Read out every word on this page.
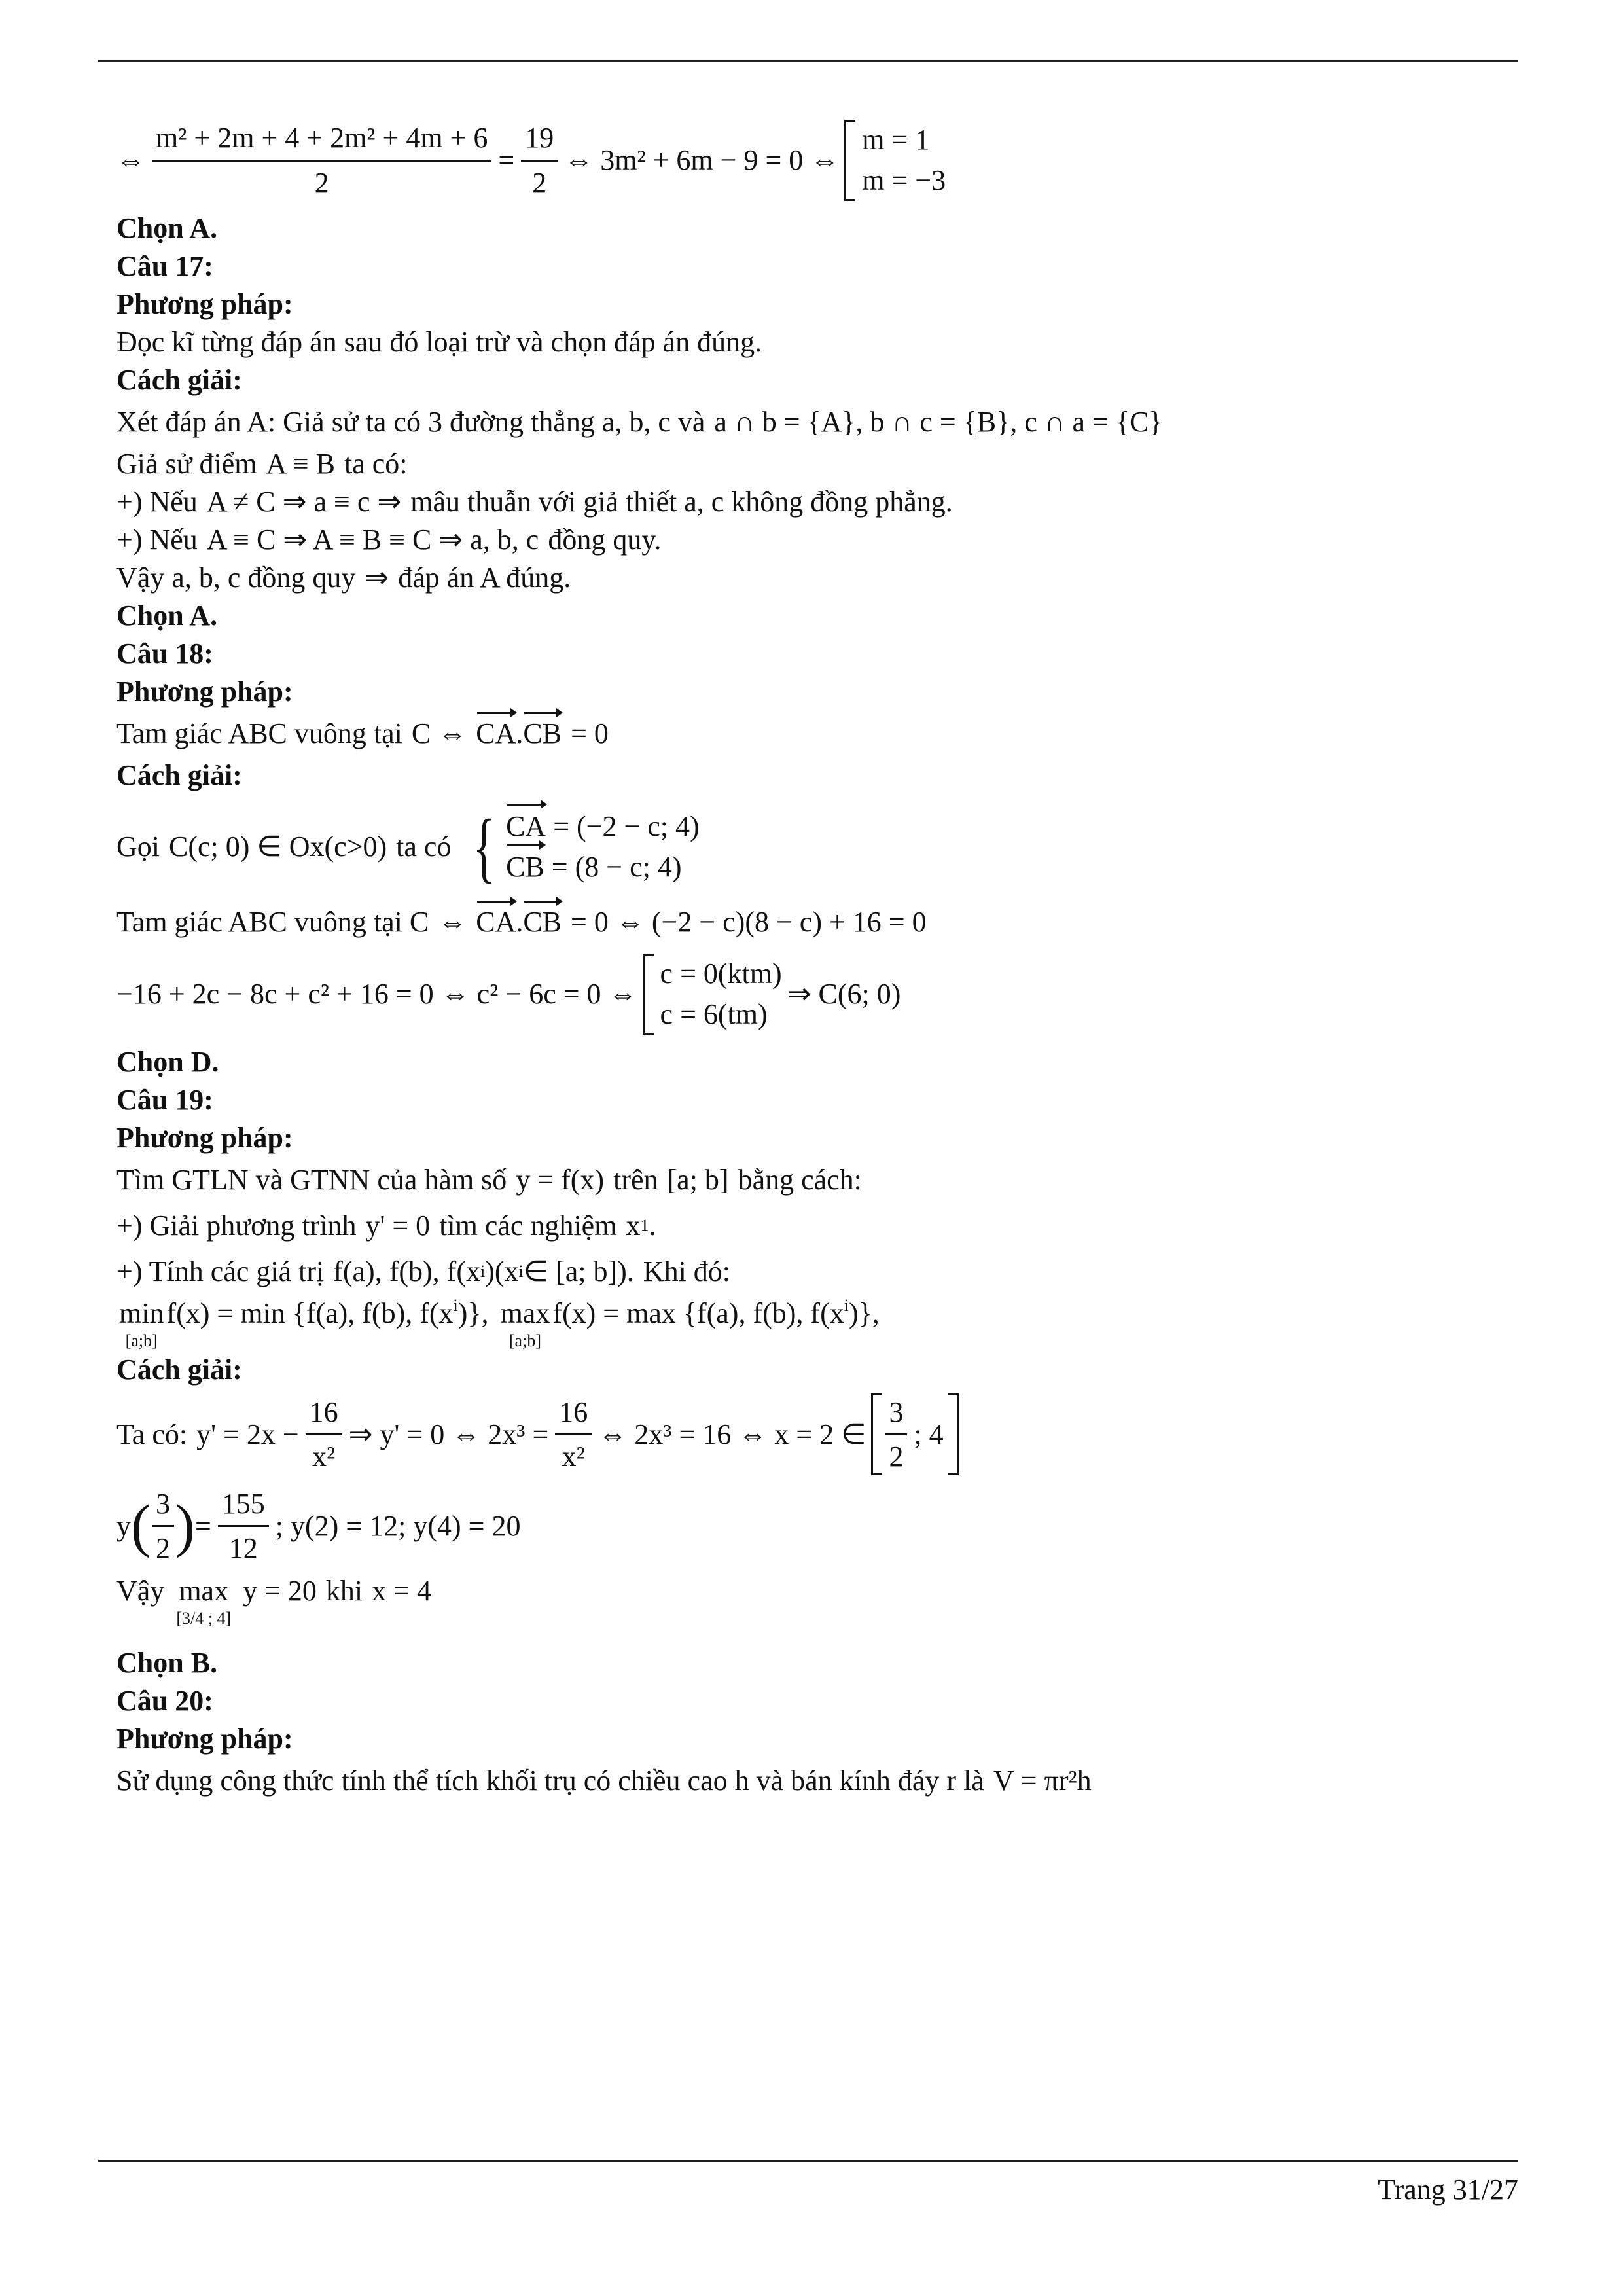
⇔ $\frac{\text{m² + 2m + 4 + 2m² + 4m + 6}}{2} = \frac{19}{2}$ ⇔ 3m² + 6m − 9 = 0 ⇔
m = 1
m = −3
Chọn A.
Câu 17:
Phương pháp:
Đọc kĩ từng đáp án sau đó loại trừ và chọn đáp án đúng.
Cách giải:
Xét đáp án A: Giả sử ta có 3 đường thẳng a, b, c và a ∩ b = {A}, b ∩ c = {B}, c ∩ a = {C}
Giả sử điểm A ≡ B ta có:
+) Nếu A ≠ C ⇒ a ≡ c ⇒ mâu thuẫn với giả thiết a, c không đồng phẳng.
+) Nếu A ≡ C ⇒ A ≡ B ≡ C ⇒ a, b, c đồng quy.
Vậy a, b, c đồng quy ⇒ đáp án A đúng.
Chọn A.
Câu 18:
Phương pháp:
Tam giác ABC vuông tại C ⇔ CA . CB = 0
Cách giải:
Gọi C(c; 0) ∈ Ox(c>0) ta có { CA = (−2 − c; 4)
CB = (8 − c; 4)
Tam giác ABC vuông tại C ⇔ CA . CB = 0 ⇔ (−2 − c)(8 − c) + 16 = 0
−16 + 2c − 8c + c² + 16 = 0 ⇔ c² − 6c = 0 ⇔
c = 0(ktm)
c = 6(tm)
⇒ C(6; 0)
Chọn D.
Câu 19:
Phương pháp:
Tìm GTLN và GTNN của hàm số y = f(x) trên [a; b] bằng cách:
+) Giải phương trình y' = 0 tìm các nghiệm x 1 .
+) Tính các giá trị f(a), f(b), f(x i )(x i ∈ [a; b]). Khi đó:
min
[a;b]
f(x) = min {f(a), f(b), f(x i )}, max
[a;b]
f(x) = max {f(a), f(b), f(x i )},
Cách giải:
Ta có: $y' = 2x - \frac{16}{\text{x²}}$ ⇒ y' = 0 ⇔ $2x^3 = \frac{16}{\text{x²}}$ ⇔ 2x³ = 16 ⇔ x = 2 ∈ $\frac{3}{2}$ ; 4
y ( $\frac{3}{2}$ ) = $\frac{155}{12}$ ; y(2) = 12; y(4) = 20
Vậy max
[3/4 ; 4]
y = 20 khi x = 4
Chọn B.
Câu 20:
Phương pháp:
Sử dụng công thức tính thể tích khối trụ có chiều cao h và bán kính đáy r là V = πr²h
Trang 31/27
